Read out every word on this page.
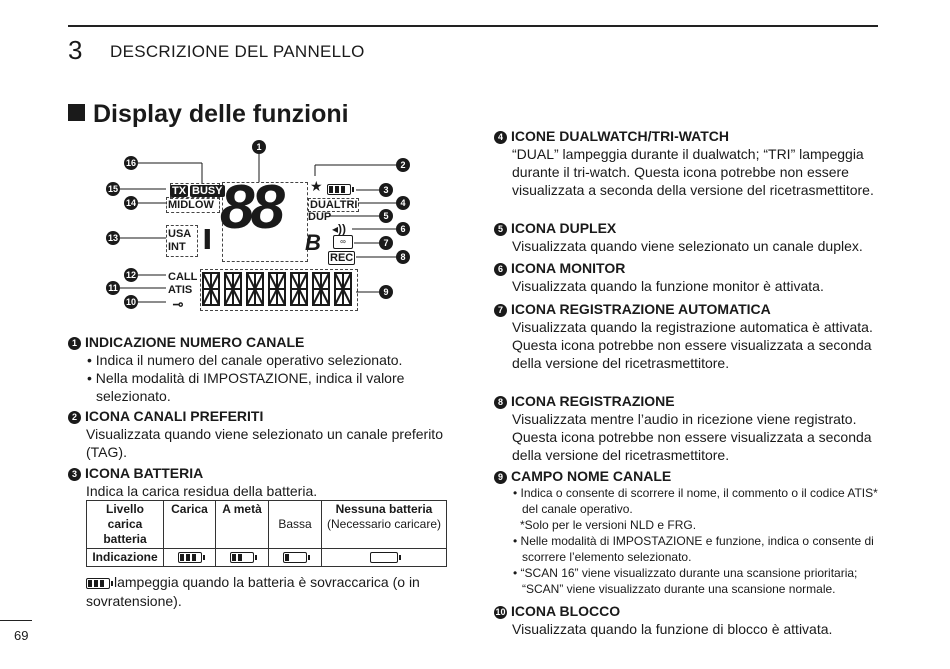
3 DESCRIZIONE DEL PANNELLO
Display delle funzioni
1
2
3
4
5
6
7
8
9
10
11
12
13
14
15
16
TX BUSY
MIDLOW
USA
INT
CALL
ATIS
⊸
88
ı	B
★
DUALTRI
DUP
◂))
∞
REC
1 INDICAZIONE NUMERO CANALE
• Indica il numero del canale operativo selezionato.
• Nella modalità di IMPOSTAZIONE, indica il valore selezionato.
2 ICONA CANALI PREFERITI
Visualizzata quando viene selezionato un canale preferito (TAG).
3 ICONA BATTERIA
Indica la carica residua della batteria.
Livello carica batteria	Carica	A metà	Bassa	Nessuna batteria
(Necessario caricare)
Indicazione	

lampeggia quando la batteria è sovraccarica (o in sovratensione).
4 ICONE DUALWATCH/TRI-WATCH
“DUAL” lampeggia durante il dualwatch; “TRI” lampeggia durante il tri-watch. Questa icona potrebbe non essere visualizzata a seconda della versione del ricetrasmettitore.
5 ICONA DUPLEX
Visualizzata quando viene selezionato un canale duplex.
6 ICONA MONITOR
Visualizzata quando la funzione monitor è attivata.
7 ICONA REGISTRAZIONE AUTOMATICA
Visualizzata quando la registrazione automatica è attivata.
Questa icona potrebbe non essere visualizzata a seconda della versione del ricetrasmettitore.
8 ICONA REGISTRAZIONE
Visualizzata mentre l’audio in ricezione viene registrato. Questa icona potrebbe non essere visualizzata a seconda della versione del ricetrasmettitore.
9 CAMPO NOME CANALE
• Indica o consente di scorrere il nome, il commento o il codice ATIS* del canale operativo.
*Solo per le versioni NLD e FRG.
• Nelle modalità di IMPOSTAZIONE e funzione, indica o consente di scorrere l’elemento selezionato.
• “SCAN 16” viene visualizzato durante una scansione prioritaria; “SCAN” viene visualizzato durante una scansione normale.
10 ICONA BLOCCO
Visualizzata quando la funzione di blocco è attivata.
69
